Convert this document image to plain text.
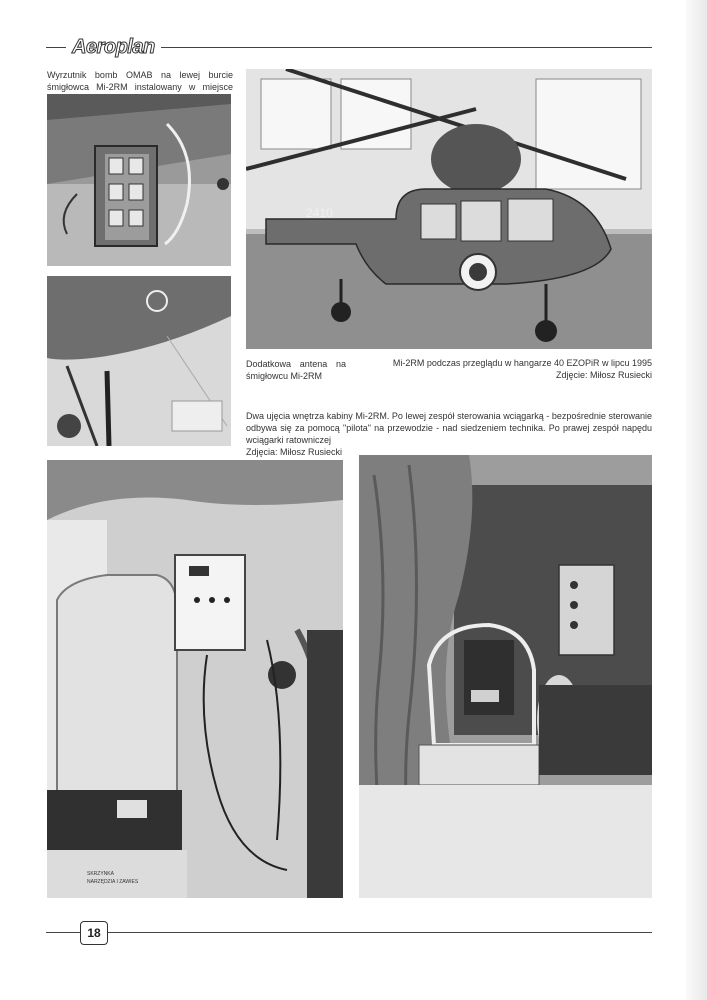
Aeroplan
Wyrzutnik bomb OMAB na lewej burcie śmigłowca Mi-2RM instalowany w miejsce
2410
Dodatkowa antena na śmigłowcu Mi-2RM
Mi-2RM podczas przeglądu w hangarze 40 EZOPiR w lipcu 1995
Zdjęcie: Miłosz Rusiecki
Dwa ujęcia wnętrza kabiny Mi-2RM. Po lewej zespół sterowania wciągarką - bezpośrednie sterowanie odbywa się za pomocą "pilota" na przewodzie - nad siedzeniem technika. Po prawej zespół napędu wciągarki ratowniczej
Zdjęcia: Miłosz Rusiecki
SKRZYNKA
NARZĘDZIA I ZAWIES
18
